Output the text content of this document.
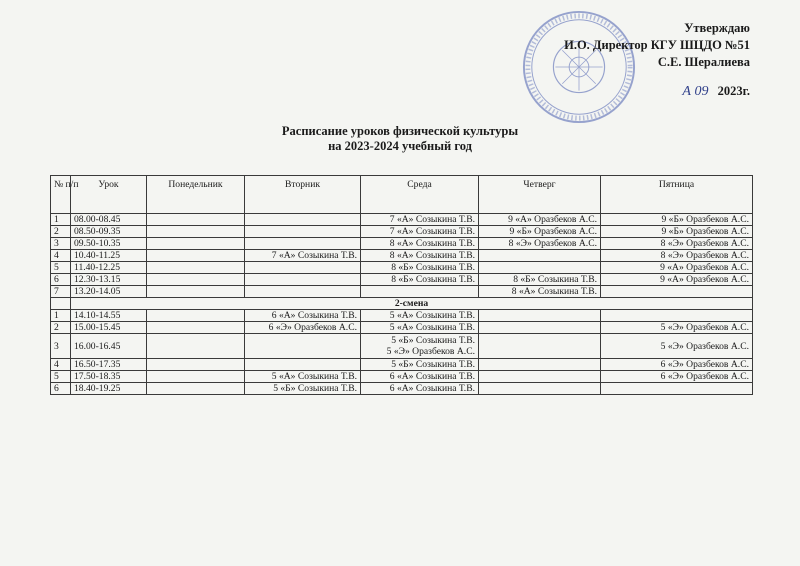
Утверждаю
И.О. Директор КГУ ШЦДО №51
С.Е. Шералиева
А 09 2023г.
Расписание уроков физической культуры
на 2023-2024 учебный год
№ п/п	Урок	Понедельник	Вторник	Среда	Четверг	Пятница
1	08.00-08.45			7 «А» Созыкина Т.В.	9 «А» Оразбеков А.С.	9 «Б» Оразбеков А.С.
2	08.50-09.35			7 «А» Созыкина Т.В.	9 «Б» Оразбеков А.С.	9 «Б» Оразбеков А.С.
3	09.50-10.35			8 «А» Созыкина Т.В.	8 «Э» Оразбеков А.С.	8 «Э» Оразбеков А.С.
4	10.40-11.25		7 «А» Созыкина Т.В.	8 «А» Созыкина Т.В.		8 «Э» Оразбеков А.С.
5	11.40-12.25			8 «Б» Созыкина Т.В.		9 «А» Оразбеков А.С.
6	12.30-13.15			8 «Б» Созыкина Т.В.	8 «Б» Созыкина Т.В.	9 «А» Оразбеков А.С.
7	13.20-14.05				8 «А» Созыкина Т.В.	
	2-смена					
1	14.10-14.55		6 «А» Созыкина Т.В.	5 «А» Созыкина Т.В.		
2	15.00-15.45		6 «Э» Оразбеков А.С.	5 «А» Созыкина Т.В.		5 «Э» Оразбеков А.С.
3	16.00-16.45			5 «Б» Созыкина Т.В.
5 «Э» Оразбеков А.С.		5 «Э» Оразбеков А.С.
4	16.50-17.35			5 «Б» Созыкина Т.В.		6 «Э» Оразбеков А.С.
5	17.50-18.35		5 «А» Созыкина Т.В.	6 «А» Созыкина Т.В.		6 «Э» Оразбеков А.С.
6	18.40-19.25		5 «Б» Созыкина Т.В.	6 «А» Созыкина Т.В.		
